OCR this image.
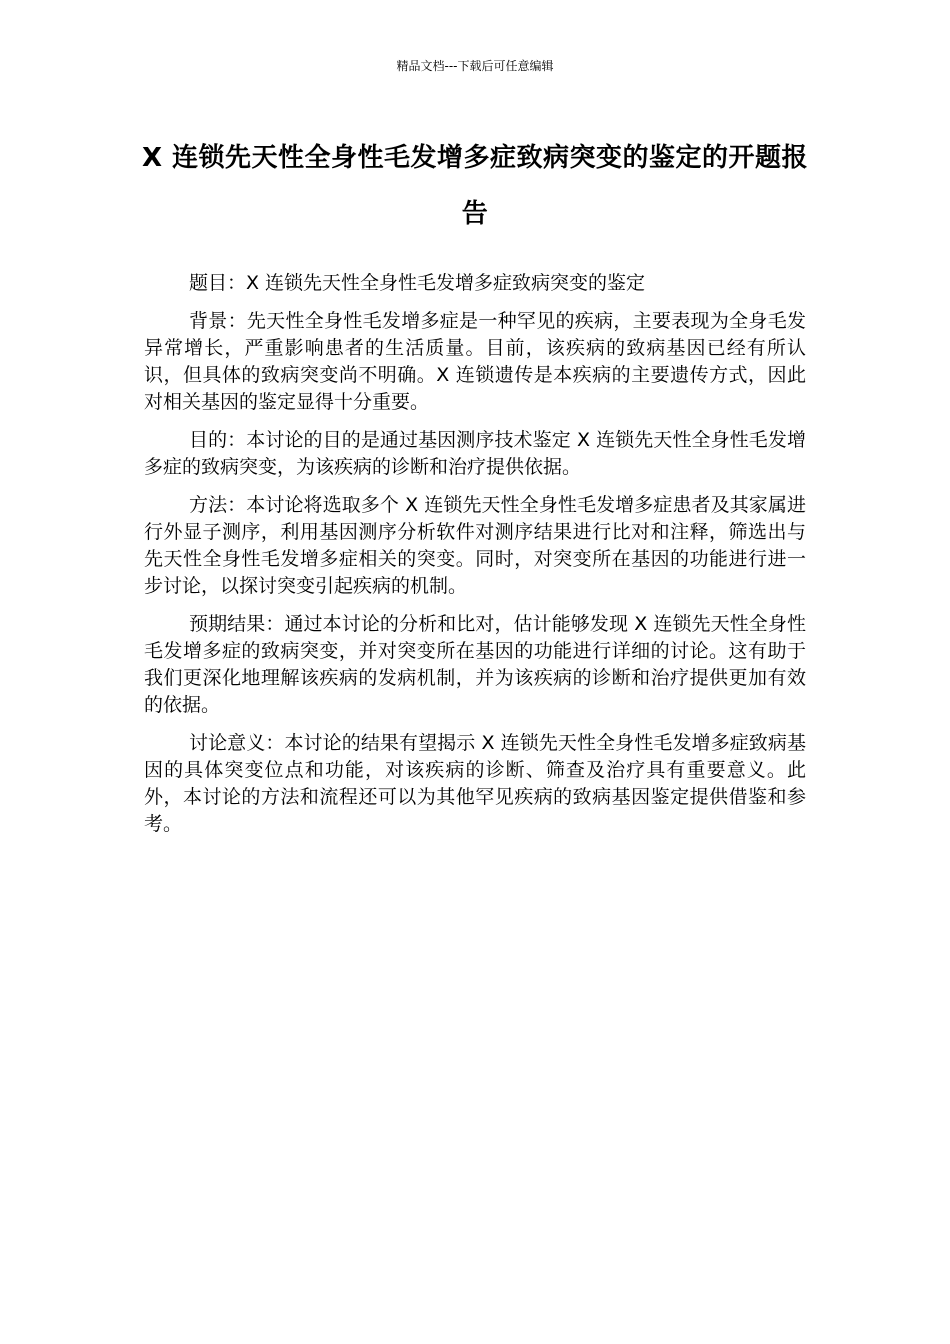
精品文档---下载后可任意编辑
X 连锁先天性全身性毛发增多症致病突变的鉴定的开题报告

题目：X 连锁先天性全身性毛发增多症致病突变的鉴定

背景：先天性全身性毛发增多症是一种罕见的疾病，主要表现为全身毛发异常增长，严重影响患者的生活质量。目前，该疾病的致病基因已经有所认识，但具体的致病突变尚不明确。X 连锁遗传是本疾病的主要遗传方式，因此对相关基因的鉴定显得十分重要。

目的：本讨论的目的是通过基因测序技术鉴定 X 连锁先天性全身性毛发增多症的致病突变，为该疾病的诊断和治疗提供依据。

方法：本讨论将选取多个 X 连锁先天性全身性毛发增多症患者及其家属进行外显子测序，利用基因测序分析软件对测序结果进行比对和注释，筛选出与先天性全身性毛发增多症相关的突变。同时，对突变所在基因的功能进行进一步讨论，以探讨突变引起疾病的机制。

预期结果：通过本讨论的分析和比对，估计能够发现 X 连锁先天性全身性毛发增多症的致病突变，并对突变所在基因的功能进行详细的讨论。这有助于我们更深化地理解该疾病的发病机制，并为该疾病的诊断和治疗提供更加有效的依据。

讨论意义：本讨论的结果有望揭示 X 连锁先天性全身性毛发增多症致病基因的具体突变位点和功能，对该疾病的诊断、筛查及治疗具有重要意义。此外，本讨论的方法和流程还可以为其他罕见疾病的致病基因鉴定提供借鉴和参考。
